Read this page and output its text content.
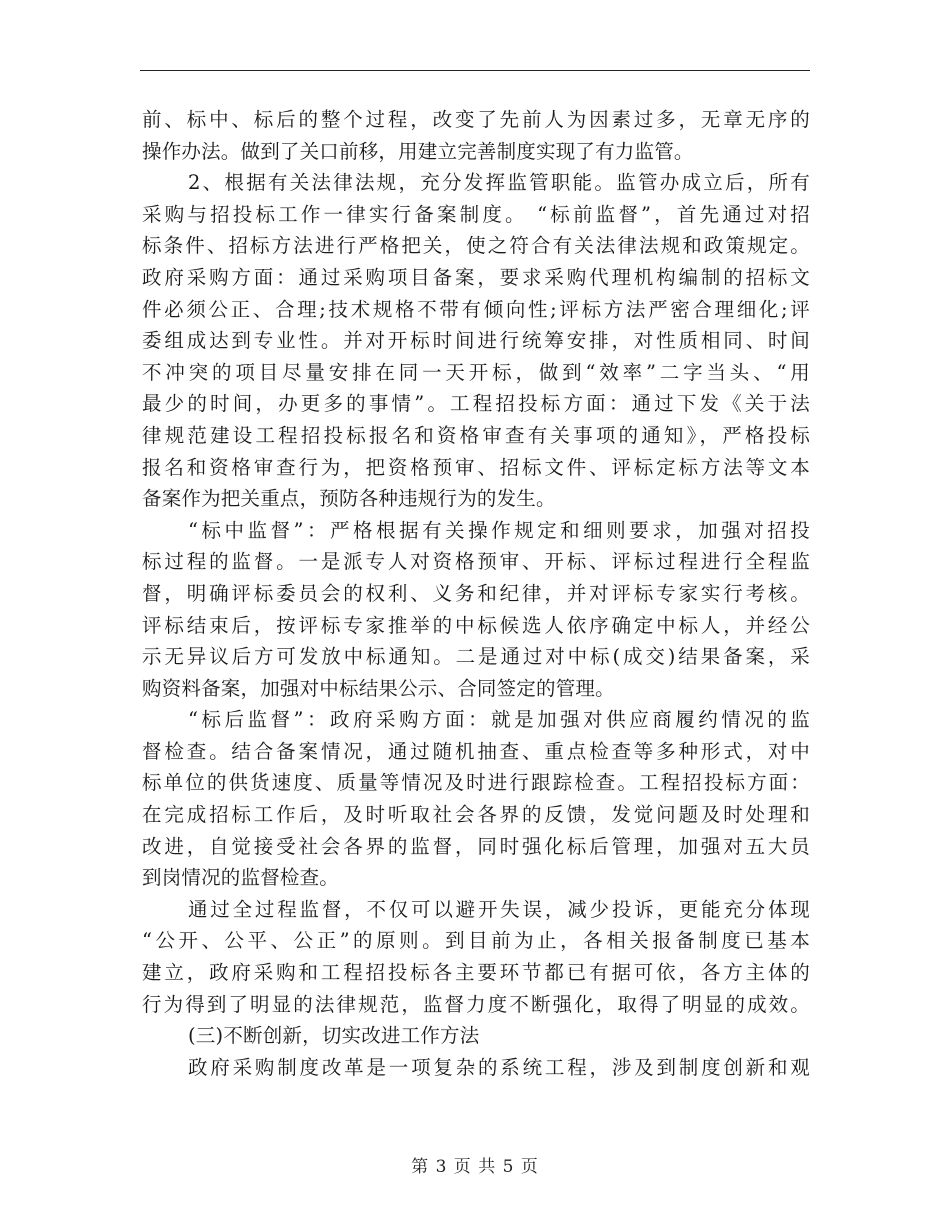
前、标中、标后的整个过程，改变了先前人为因素过多，无章无序的
操作办法。做到了关口前移，用建立完善制度实现了有力监管。
2、根据有关法律法规，充分发挥监管职能。监管办成立后，所有
采购与招投标工作一律实行备案制度。 “标前监督”，首先通过对招
标条件、招标方法进行严格把关，使之符合有关法律法规和政策规定。
政府采购方面：通过采购项目备案，要求采购代理机构编制的招标文
件必须公正、合理;技术规格不带有倾向性;评标方法严密合理细化;评
委组成达到专业性。并对开标时间进行统筹安排，对性质相同、时间
不冲突的项目尽量安排在同一天开标，做到“效率”二字当头、“用
最少的时间，办更多的事情”。工程招投标方面：通过下发《关于法
律规范建设工程招投标报名和资格审查有关事项的通知》，严格投标
报名和资格审查行为，把资格预审、招标文件、评标定标方法等文本
备案作为把关重点，预防各种违规行为的发生。
“标中监督”：严格根据有关操作规定和细则要求，加强对招投
标过程的监督。一是派专人对资格预审、开标、评标过程进行全程监
督，明确评标委员会的权利、义务和纪律，并对评标专家实行考核。
评标结束后，按评标专家推举的中标候选人依序确定中标人，并经公
示无异议后方可发放中标通知。二是通过对中标(成交)结果备案，采
购资料备案，加强对中标结果公示、合同签定的管理。
“标后监督”：政府采购方面：就是加强对供应商履约情况的监
督检查。结合备案情况，通过随机抽查、重点检查等多种形式，对中
标单位的供货速度、质量等情况及时进行跟踪检查。工程招投标方面：
在完成招标工作后，及时听取社会各界的反馈，发觉问题及时处理和
改进，自觉接受社会各界的监督，同时强化标后管理，加强对五大员
到岗情况的监督检查。
通过全过程监督，不仅可以避开失误，减少投诉，更能充分体现
“公开、公平、公正”的原则。到目前为止，各相关报备制度已基本
建立，政府采购和工程招投标各主要环节都已有据可依，各方主体的
行为得到了明显的法律规范，监督力度不断强化，取得了明显的成效。
(三)不断创新，切实改进工作方法
政府采购制度改革是一项复杂的系统工程，涉及到制度创新和观
第 3 页 共 5 页
